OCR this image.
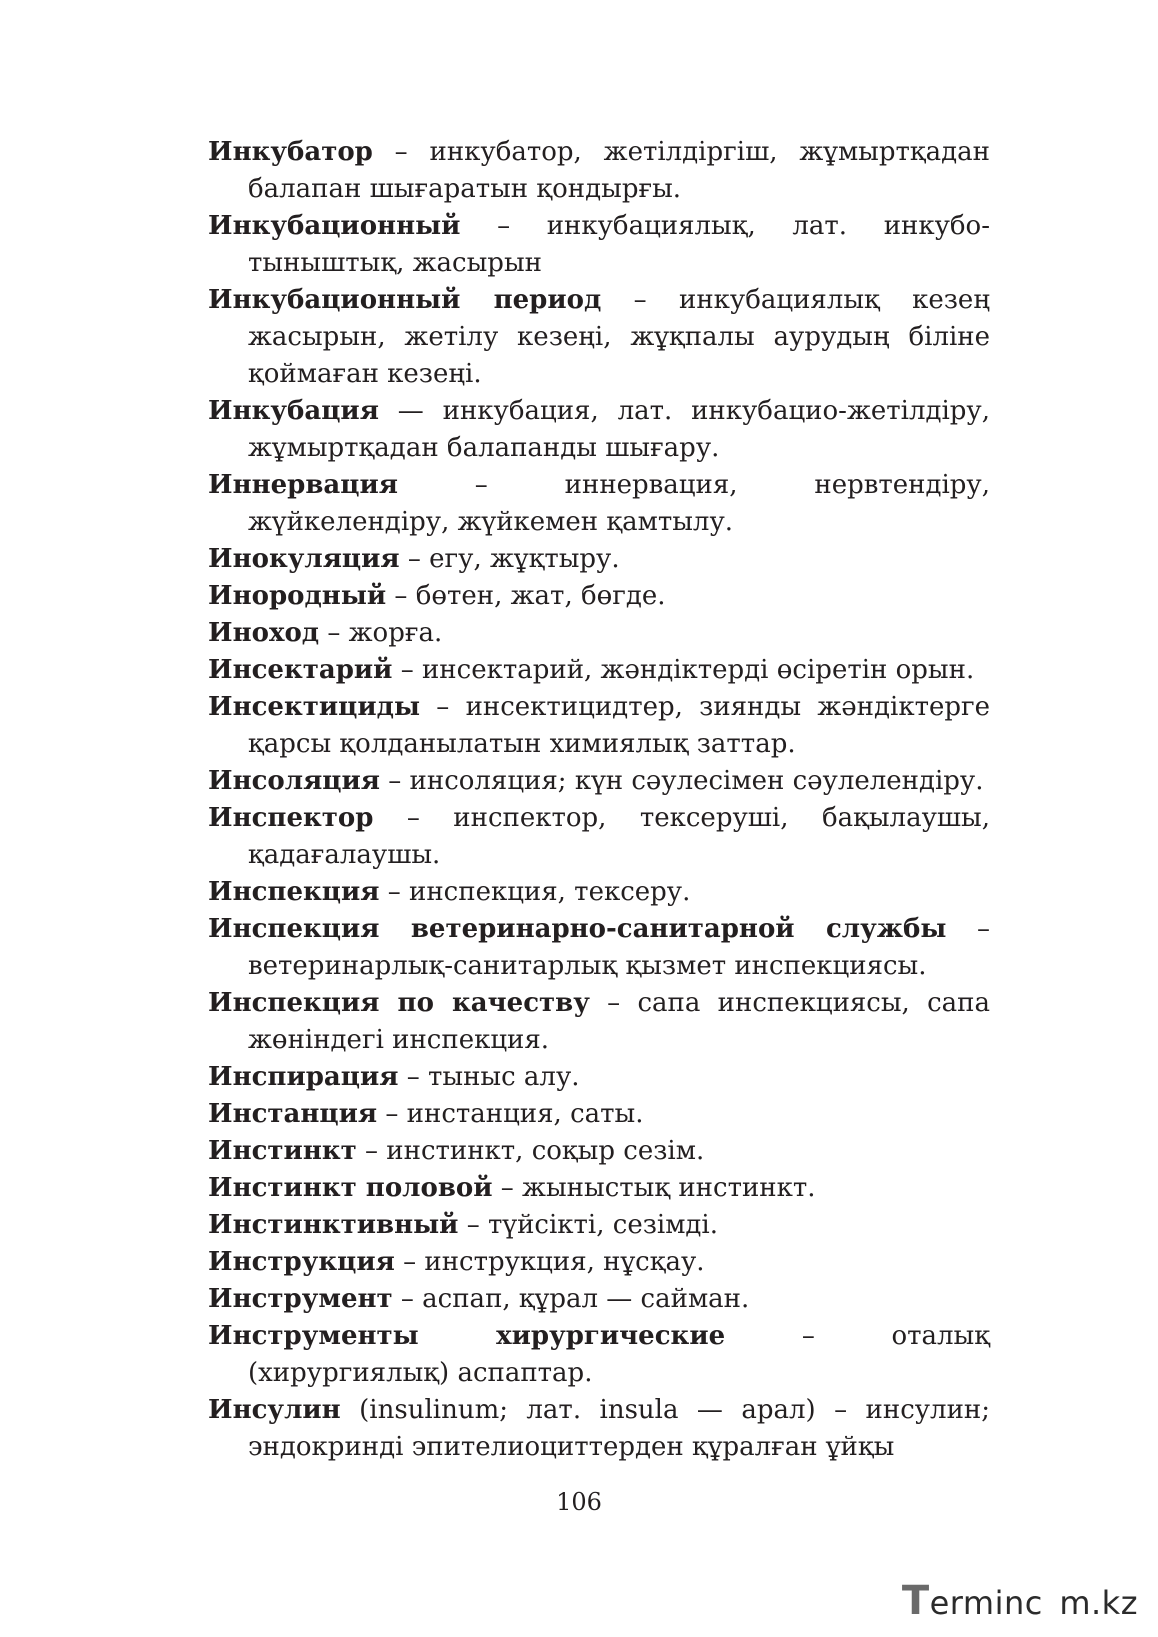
Инкубатор – инкубатор, жетілдіргіш, жұмыртқадан балапан шығаратын қондырғы.

Инкубационный – инкубациялық, лат. инкубо-тыныштық, жасырын

Инкубационный период – инкубациялық кезең жасырын, жетілу кезеңі, жұқпалы аурудың біліне қоймаған кезеңі.

Инкубация — инкубация, лат. инкубацио-жетілдіру, жұмыртқадан балапанды шығару.

Иннервация – иннервация, нервтендіру, жүйкелендіру, жүйкемен қамтылу.

Инокуляция – егу, жұқтыру.

Инородный – бөтен, жат, бөгде.

Иноход – жорға.

Инсектарий – инсектарий, жәндіктерді өсіретін орын.

Инсектициды – инсектицидтер, зиянды жәндіктерге қарсы қолданылатын химиялық заттар.

Инсоляция – инсоляция; күн сәулесімен сәулелендіру.

Инспектор – инспектор, тексеруші, бақылаушы, қадағалаушы.

Инспекция – инспекция, тексеру.

Инспекция ветеринарно-санитарной службы – ветеринарлық-санитарлық қызмет инспекциясы.

Инспекция по качеству – сапа инспекциясы, сапа жөніндегі инспекция.

Инспирация – тыныс алу.

Инстанция – инстанция, саты.

Инстинкт – инстинкт, соқыр сезім.

Инстинкт половой – жыныстық инстинкт.

Инстинктивный – түйсікті, сезімді.

Инструкция – инструкция, нұсқау.

Инструмент – аспап, құрал — сайман.

Инструменты хирургические – оталық (хирургиялық) аспаптар.

Инсулин (insulinum; лат. insula — арал) – инсулин; эндокринді эпителиоциттерден құралған ұйқы

106
Terminc m.kz
